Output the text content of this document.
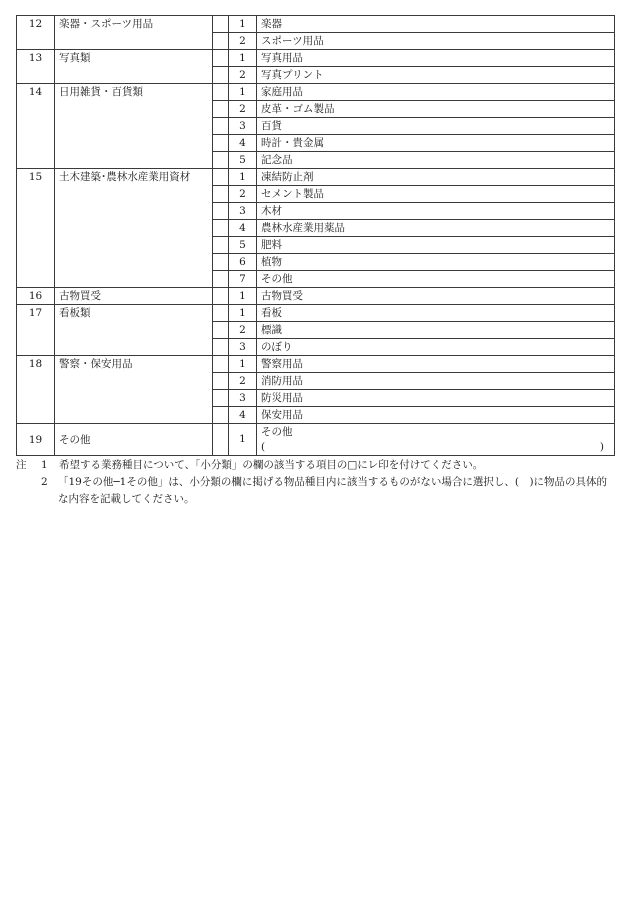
12	楽器・スポーツ用品		1	楽器
			2	スポーツ用品
13	写真類		1	写真用品
			2	写真プリント
14	日用雑貨・百貨類		1	家庭用品
			2	皮革・ゴム製品
			3	百貨
			4	時計・貴金属
			5	記念品
15	土木建築･農林水産業用資材		1	凍結防止剤
			2	セメント製品
			3	木材
			4	農林水産業用薬品
			5	肥料
			6	植物
			7	その他
16	古物買受		1	古物買受
17	看板類		1	看板
			2	標識
			3	のぼり
18	警察・保安用品		1	警察用品
			2	消防用品
			3	防災用品
			4	保安用品
19	その他		1	その他
( )
注	1	希望する業務種目について、「小分類」の欄の該当する項目の□にレ印を付けてください。
2 「19その他─1その他」は、小分類の欄に掲げる物品種目内に該当するものがない場合に選択し、(　)に物品の具体的な内容を記載してください。
